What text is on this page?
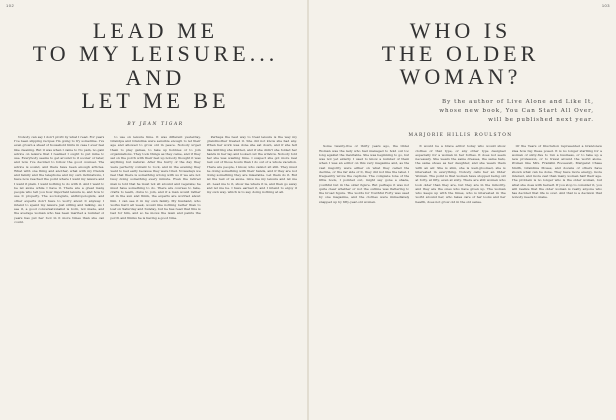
102
LEAD ME
TO MY LEISURE...
AND
LET ME BE
BY JEAN TIGAR

Nobody can say I don't profit by what I read. For years I've been slipping recipes I'm going to try sometime. I've even grown a sheaf of household hints in case I ever feel like cleaning. But it was when I came to No pain, no gain advice on leisure that I realized I ought to put mine to use. Everybody seems to get around to it sooner or later, and now I've decided to follow the good counsel. The advice is sound, and there have been enough articles. What with one thing and another, what with my friends and family and the telephone and my own inclinations, I have now reached the point where I want my leisure and I want it plain. I want nothing to do with it. And I want to be let alone while I have it. There are a great many people who tell you how important leisure is, and how to use it properly. The sociologists, anthropologists, and other experts don't have to worry about it anyway. I intend to spend my leisure just sitting and talking. As I see it, a good conversationalist is born, not made, and the average woman who has been married a number of years has put her foot in it more times than she can count.

to use on leisure time. It was different yesterday, Grandpa and Grandma were sensible enough to let their age and allowed to grow old in peace. Nobody urged them to play games, to take up hobbies or to join organizations. They took things as they came, and if they sat on the porch with their feet up nobody thought it was anything but natural. After the hurry of the day they were perfectly content to rock, and in the evening they went to bed early because they were tired. Nowadays we feel that there is something wrong with us if we are not busy doing something every minute. Even the retired man is told that he must not sit around and vegetate; he must have something to do. There are courses to take, crafts to learn, clubs to join, and if a man would rather sit in the sun and think, the experts are worried about him. I can see it in my own family. My husband, who works hard all week, would like nothing better than to loaf on Saturday and Sunday, but he has read that this is bad for him, and so he mows the lawn and paints the porch and thinks he is having a good time.

Perhaps the best way to treat leisure is the way my grandmother treated it. She did not know she had any. When her work was done she sat down, and if she felt like knitting she knitted, and if she didn't she folded her hands in her lap and looked out the window. Nobody told her she was wasting time. I suspect she got more real rest out of those hours than I do out of a whole vacation. There are people, I know, who cannot sit still. They must be doing something with their hands, and if they are not doing something they are miserable. Let them do it. But let the rest of us alone. Give me my leisure and let me sit. Lead me to it, show me where it is, and then go away and let me be. I have earned it, and I intend to enjoy it my own way, which is to say, doing nothing at all.

103
WHO IS
THE OLDER WOMAN?
By the author of Live Alone and Like It,
whose new book, You Can Start All Over,
will be published next year.
MARJORIE HILLIS ROULSTON

Some twenty-five or thirty years ago, the Older Woman was the lady who had managed to hold out too long against the inevitable. She was beginning to go, but was not yet elderly. I used to know a number of them when I was an editor on this very magazine and, as the vast majority were either on what they called the decline, or the far side of it, they did not like the label. I frequently wrote the captions. The complete tone of the little book, I pointed out, might say gone a shade, youthful but in the older figure. But perhaps it was not quite clear whether or not the outline was flattering to the broad figure. The words for Youthful Forty was used by one magazine, and the clothes were immediately snapped up by fifty-year-old women.

It would be a brave editor today who would show clothes of that type, or any other type designed especially for a woman in her forties. It does not seem necessary. She wears the same dresses, the same hats, the same shoes as her daughter, and she wears them with an air. She is slim, she is well-groomed, she is interested in everything. Nobody calls her an Older Woman. The point is that women have stopped being old at forty, at fifty, even at sixty. There are still women who look older than they are, but they are in the minority, and they are the ones who have given up. The woman who keeps up with the times, who is interested in the world around her, who takes care of her looks and her health, does not grow old in the old sense.

Of the Tears of Discretion represented a brand-new idea how big these posed. It is no longer startling for a woman of sixty-five to run a business, or to take up a new profession, or to travel around the world alone. Women like Mrs. Franklin Roosevelt, Margaret Chase Smith, Grandma Moses, and dozens of others have shown what can be done. They have more energy, more interest, and more zest than many women half their age. The problem is no longer who is the older woman, but what she does with herself. If you stop to consider it, you will realize that the older woman is really anyone who has decided that life is over. And that is a decision that nobody needs to make.
